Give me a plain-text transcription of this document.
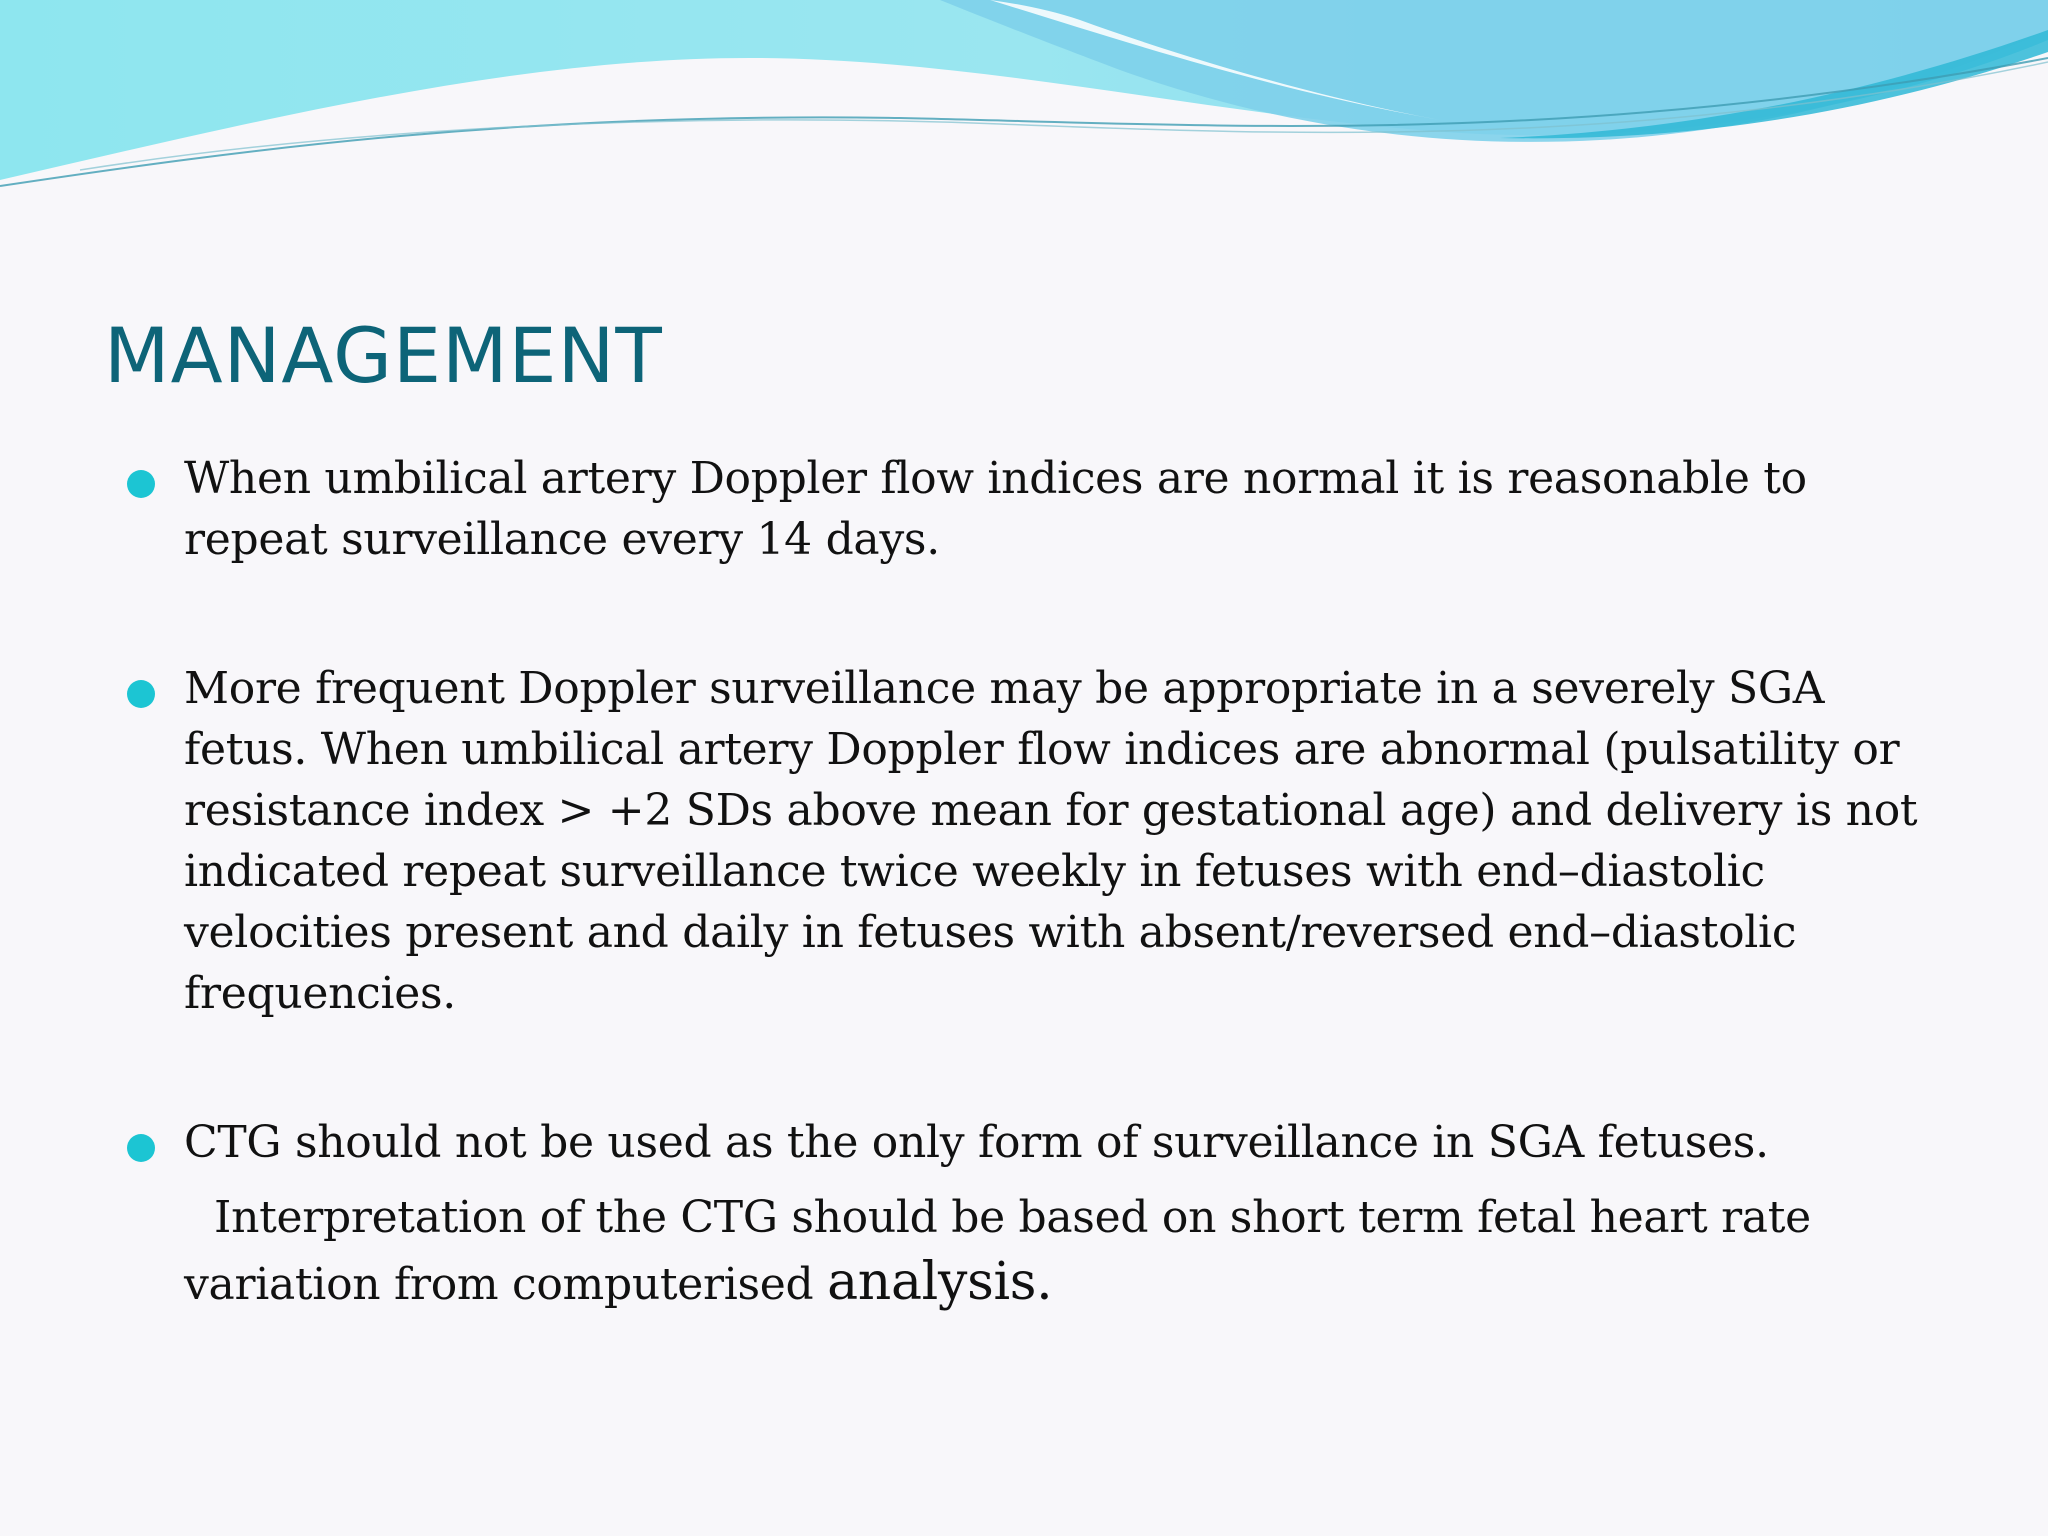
MANAGEMENT

When umbilical artery Doppler flow indices are normal it is reasonable to repeat surveillance every 14 days.

More frequent Doppler surveillance may be appropriate in a severely SGA fetus. When umbilical artery Doppler flow indices are abnormal (pulsatility or resistance index > +2 SDs above mean for gestational age) and delivery is not indicated repeat surveillance twice weekly in fetuses with end–diastolic velocities present and daily in fetuses with absent/reversed end–diastolic frequencies.

CTG should not be used as the only form of surveillance in SGA fetuses.

Interpretation of the CTG should be based on short term fetal heart rate

variation from computerised analysis.
